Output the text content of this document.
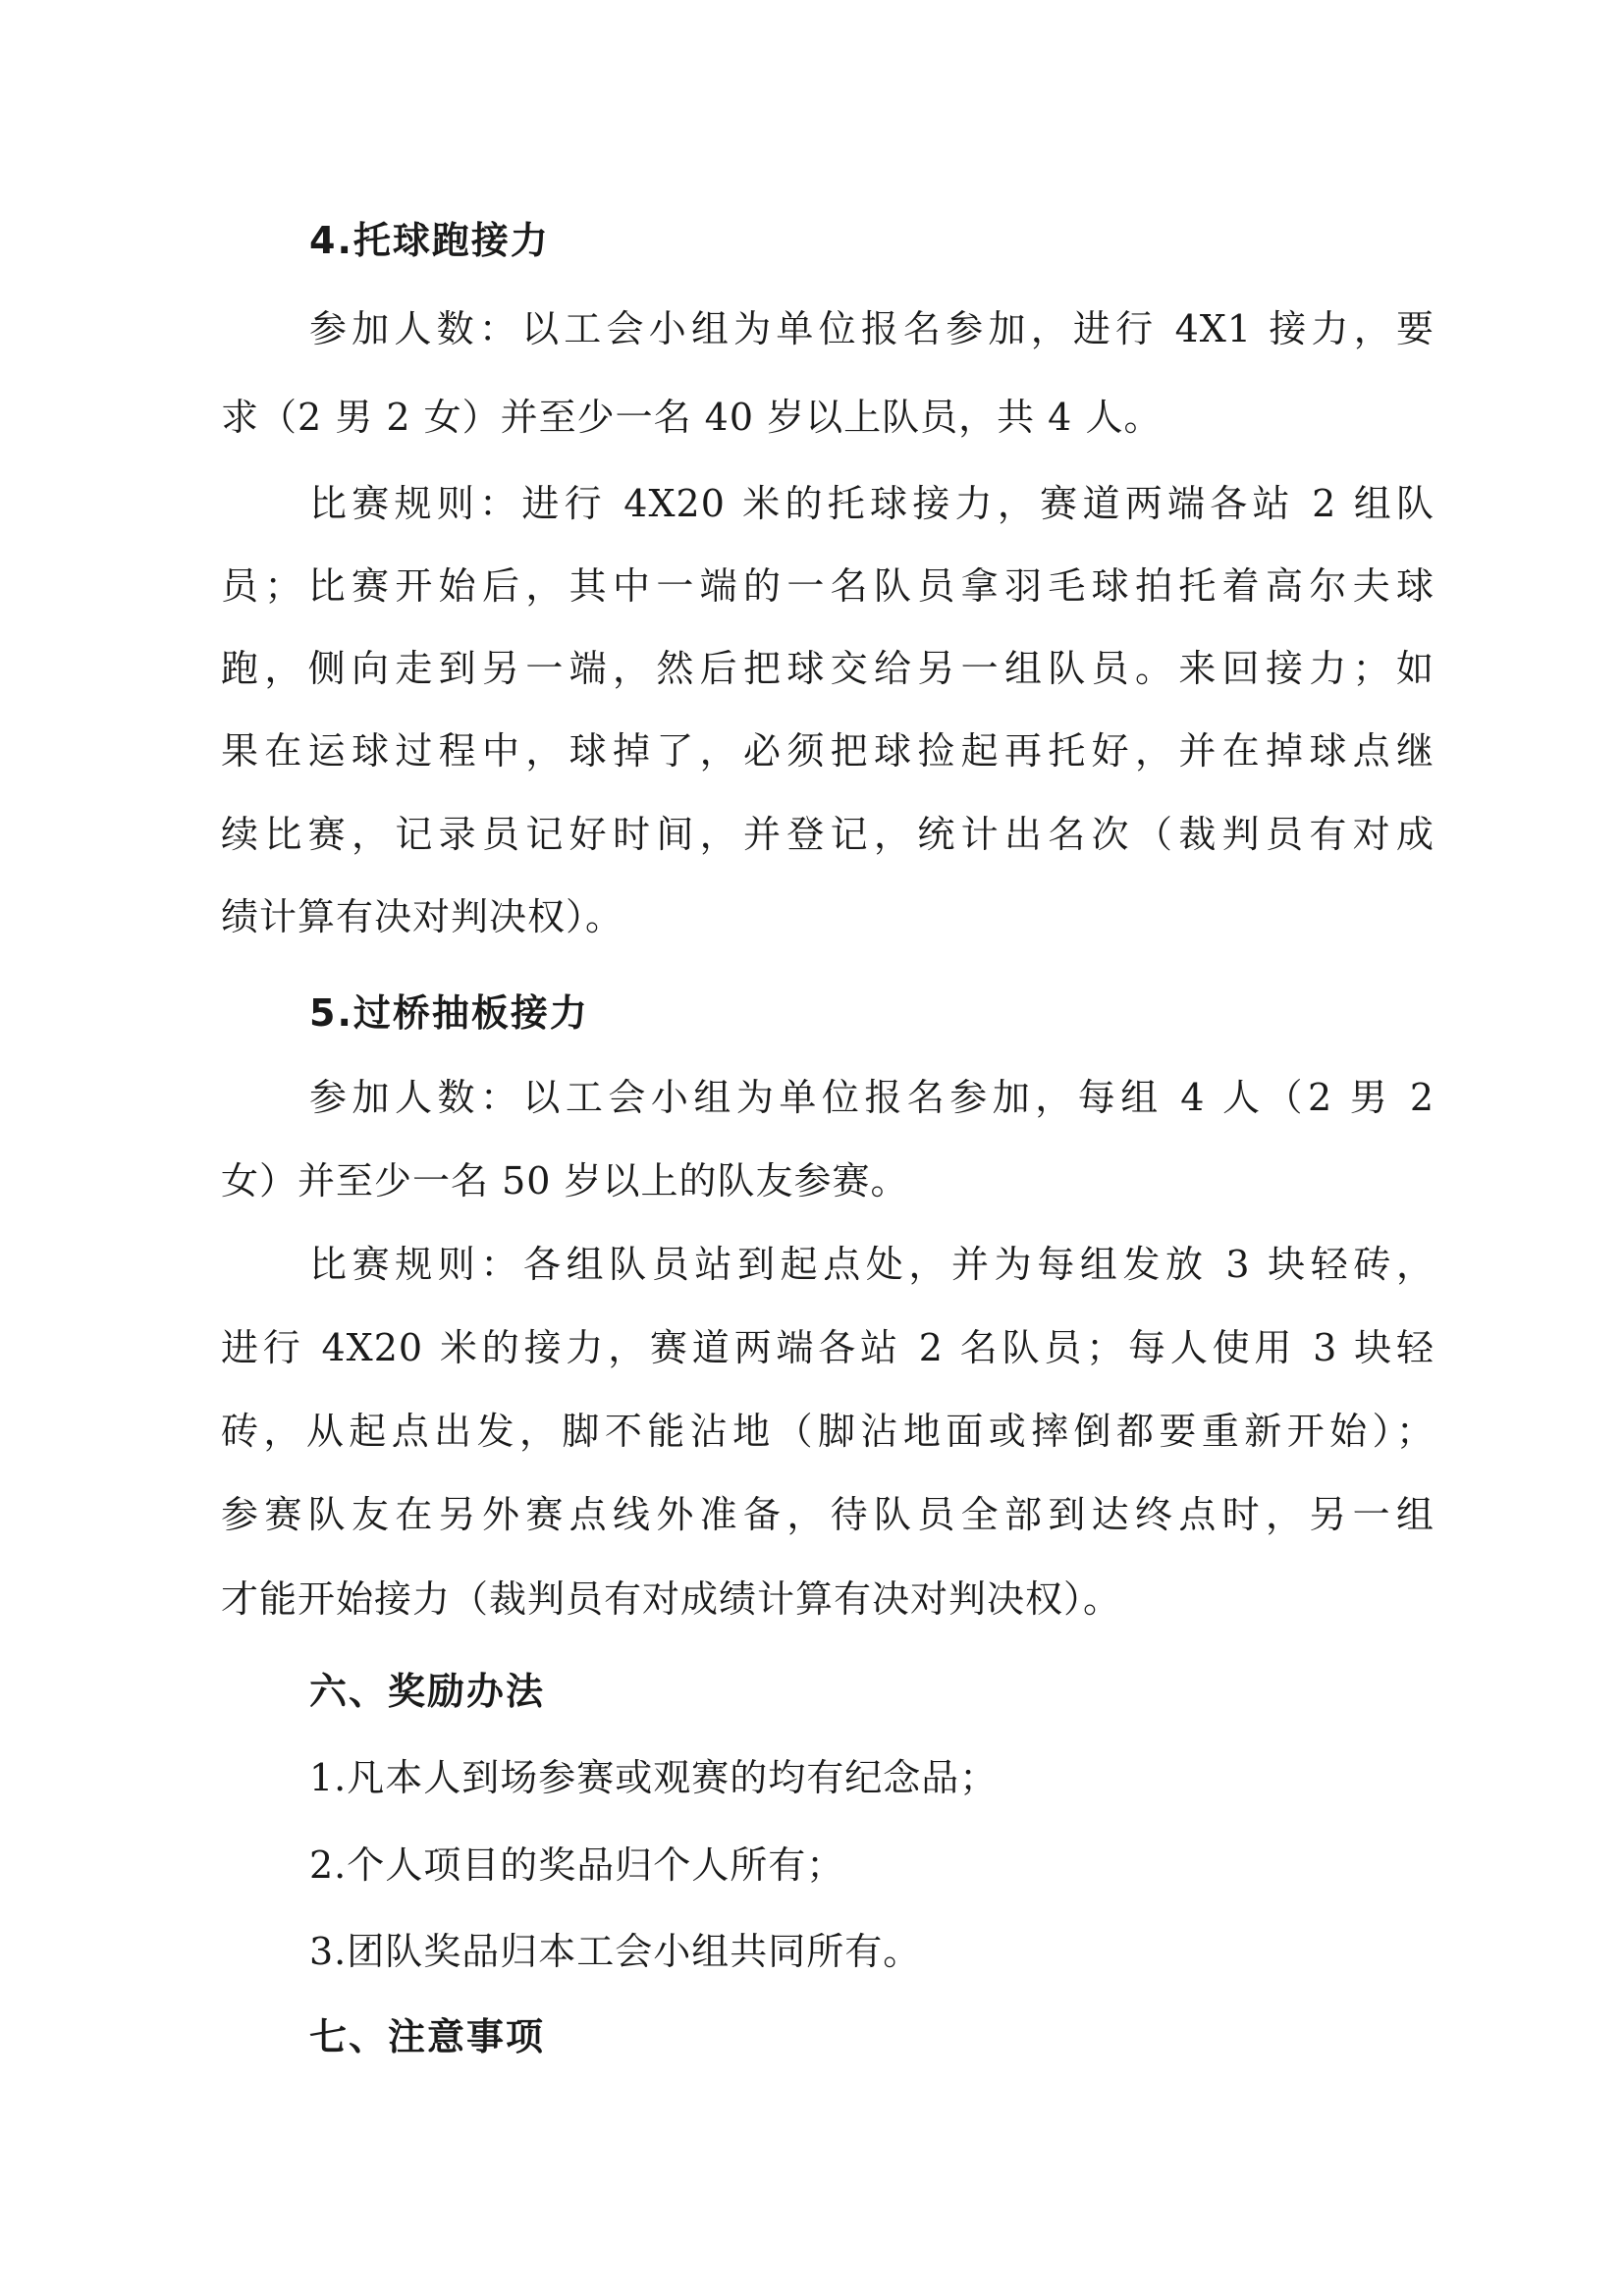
4.托球跑接力
参加人数：以工会小组为单位报名参加，进行 4X1 接力，要
求（2 男 2 女）并至少一名 40 岁以上队员，共 4 人。
比赛规则：进行 4X20 米的托球接力，赛道两端各站 2 组队
员；比赛开始后，其中一端的一名队员拿羽毛球拍托着高尔夫球
跑，侧向走到另一端，然后把球交给另一组队员。来回接力；如
果在运球过程中，球掉了，必须把球捡起再托好，并在掉球点继
续比赛，记录员记好时间，并登记，统计出名次（裁判员有对成
绩计算有决对判决权）。
5.过桥抽板接力
参加人数：以工会小组为单位报名参加，每组 4 人（2 男 2
女）并至少一名 50 岁以上的队友参赛。
比赛规则：各组队员站到起点处，并为每组发放 3 块轻砖，
进行 4X20 米的接力，赛道两端各站 2 名队员；每人使用 3 块轻
砖，从起点出发，脚不能沾地（脚沾地面或摔倒都要重新开始）；
参赛队友在另外赛点线外准备，待队员全部到达终点时，另一组
才能开始接力（裁判员有对成绩计算有决对判决权）。
六、奖励办法
1.凡本人到场参赛或观赛的均有纪念品；
2.个人项目的奖品归个人所有；
3.团队奖品归本工会小组共同所有。
七、注意事项
